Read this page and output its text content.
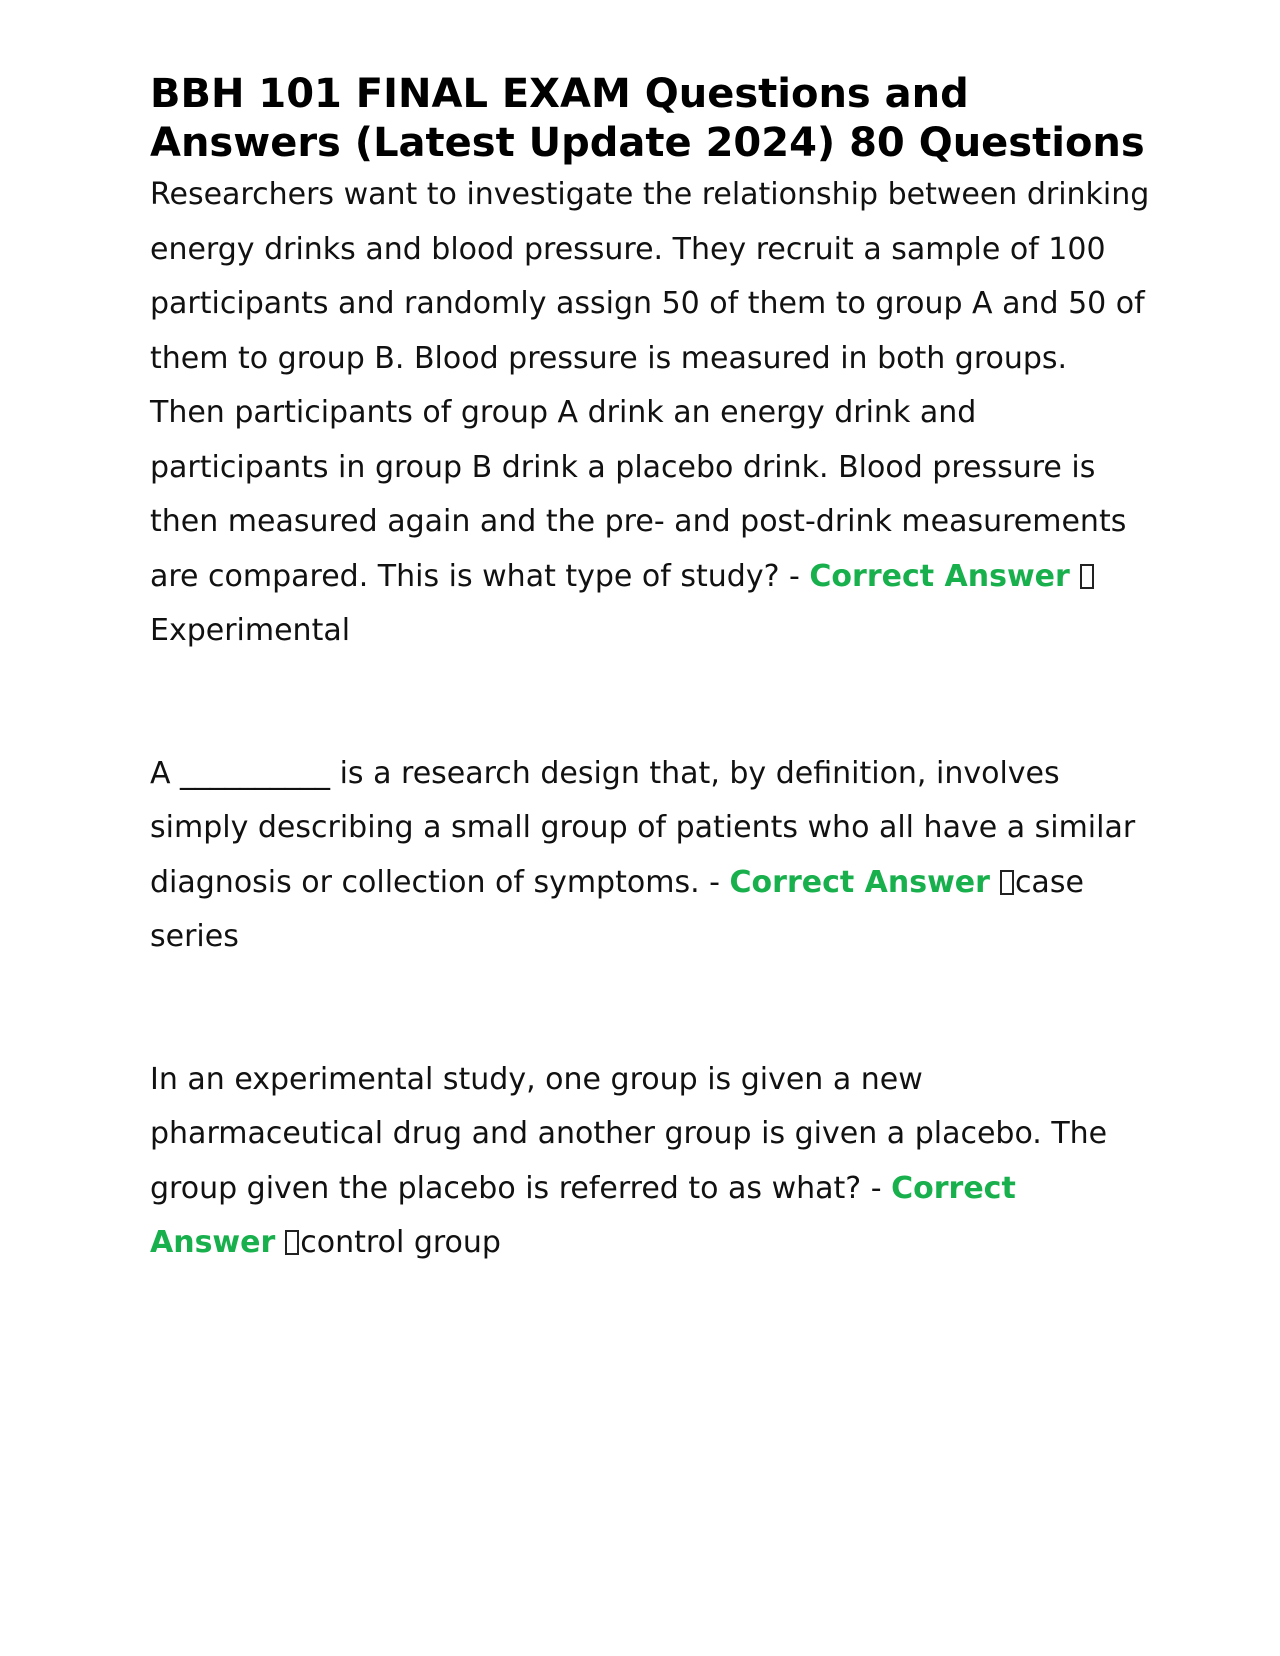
BBH 101 FINAL EXAM Questions and Answers (Latest Update 2024) 80 Questions

Researchers want to investigate the relationship between drinking energy drinks and blood pressure. They recruit a sample of 100 participants and randomly assign 50 of them to group A and 50 of them to group B. Blood pressure is measured in both groups. Then participants of group A drink an energy drink and participants in group B drink a placebo drink. Blood pressure is then measured again and the pre- and post-drink measurements are compared. This is what type of study? - Correct AnswerExperimental

A __________ is a research design that, by definition, involves simply describing a small group of patients who all have a similar diagnosis or collection of symptoms. - Correct Answer case series

In an experimental study, one group is given a new pharmaceutical drug and another group is given a placebo. The group given the placebo is referred to as what? - Correct Answer control group
